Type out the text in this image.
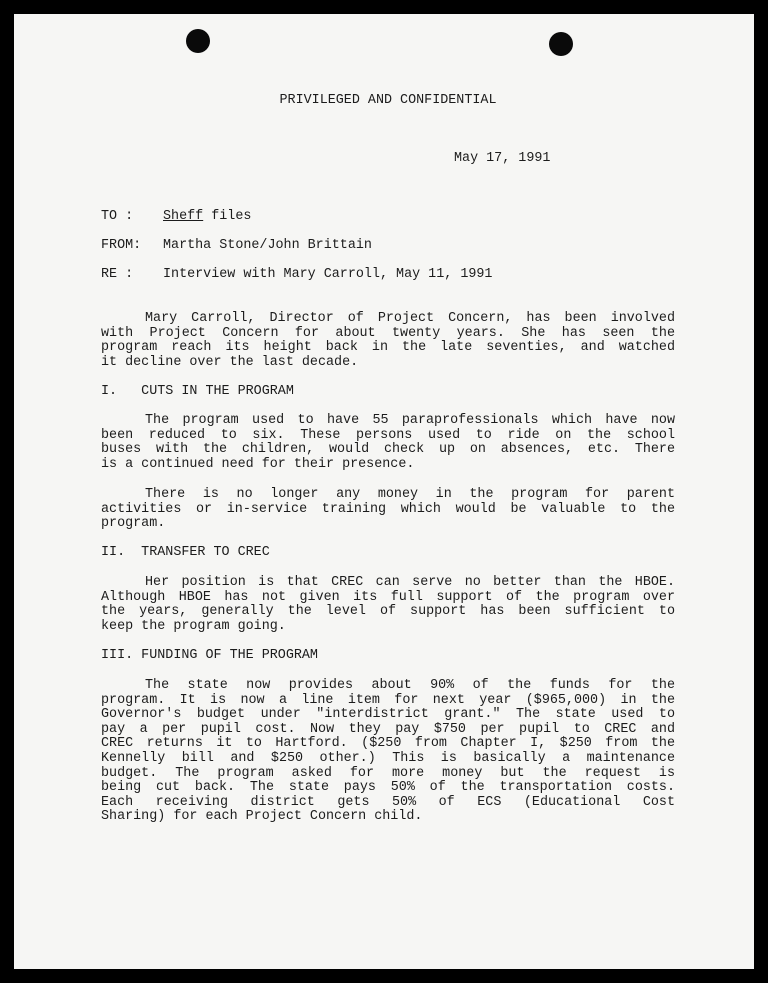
PRIVILEGED AND CONFIDENTIAL
May 17, 1991
TO : Sheff files
FROM: Martha Stone/John Brittain
RE : Interview with Mary Carroll, May 11, 1991
Mary Carroll, Director of Project Concern, has been involved
with Project Concern for about twenty years. She has seen the
program reach its height back in the late seventies, and watched
it decline over the last decade.
I.   CUTS IN THE PROGRAM
The program used to have 55 paraprofessionals which have now
been reduced to six. These persons used to ride on the school
buses with the children, would check up on absences, etc. There
is a continued need for their presence.
There is no longer any money in the program for parent
activities or in-service training which would be valuable to the
program.
II.  TRANSFER TO CREC
Her position is that CREC can serve no better than the HBOE.
Although HBOE has not given its full support of the program over
the years, generally the level of support has been sufficient to
keep the program going.
III. FUNDING OF THE PROGRAM
The state now provides about 90% of the funds for the
program. It is now a line item for next year ($965,000) in the
Governor's budget under "interdistrict grant." The state used to
pay a per pupil cost. Now they pay $750 per pupil to CREC and
CREC returns it to Hartford. ($250 from Chapter I, $250 from the
Kennelly bill and $250 other.) This is basically a maintenance
budget. The program asked for more money but the request is
being cut back. The state pays 50% of the transportation costs.
Each receiving district gets 50% of ECS (Educational Cost
Sharing) for each Project Concern child.
